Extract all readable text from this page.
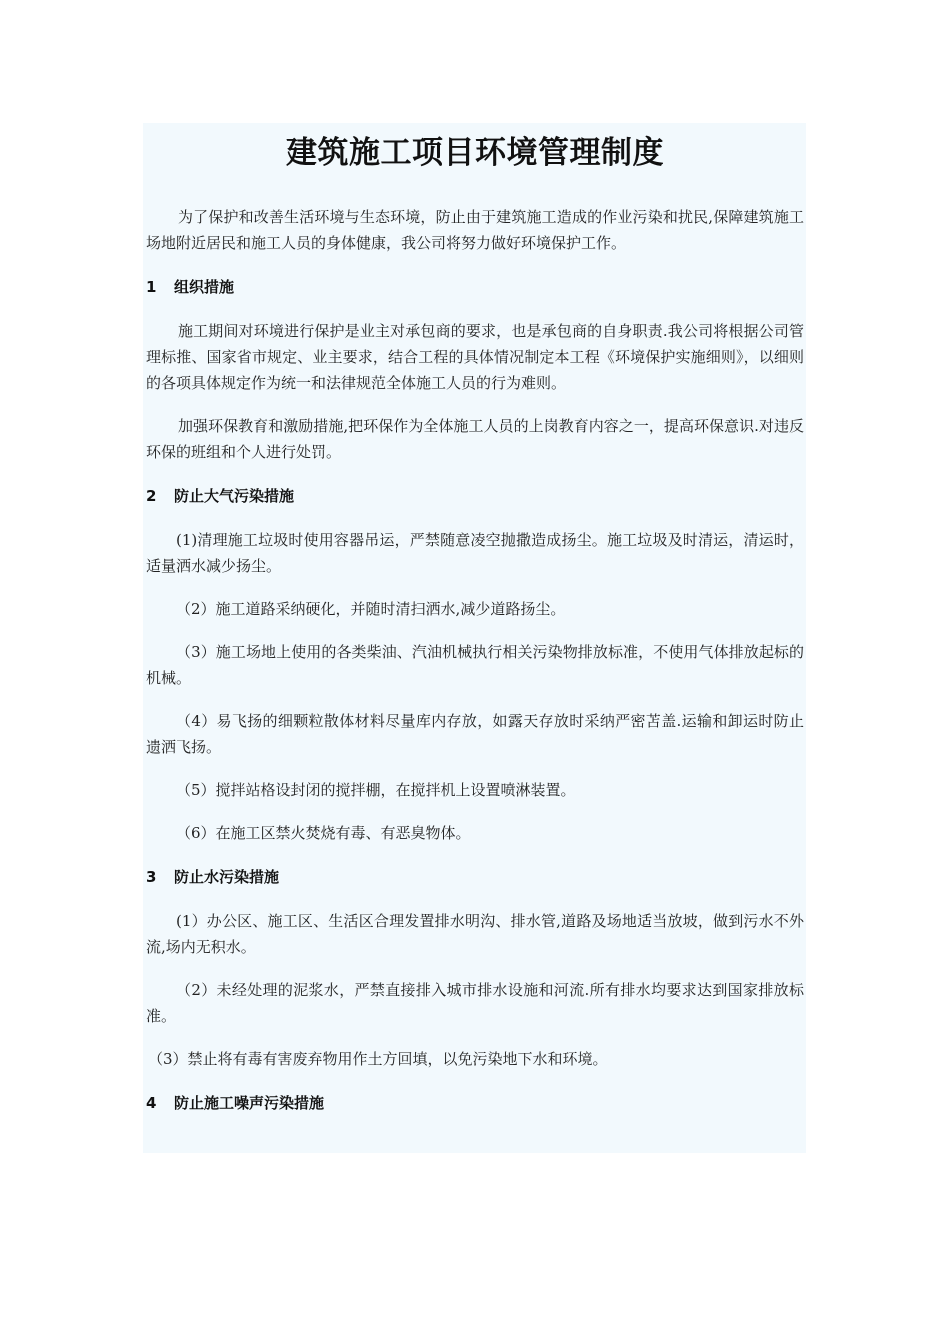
建筑施工项目环境管理制度

为了保护和改善生活环境与生态环境，防止由于建筑施工造成的作业污染和扰民,保障建筑施工场地附近居民和施工人员的身体健康，我公司将努力做好环境保护工作。

1 组织措施

施工期间对环境进行保护是业主对承包商的要求，也是承包商的自身职责.我公司将根据公司管理标推、国家省市规定、业主要求，结合工程的具体情况制定本工程《环境保护实施细则》，以细则的各项具体规定作为统一和法律规范全体施工人员的行为难则。

加强环保教育和激励措施,把环保作为全体施工人员的上岗教育内容之一，提高环保意识.对违反环保的班组和个人进行处罚。

2 防止大气污染措施

(1)清理施工垃圾时使用容器吊运，严禁随意凌空抛撒造成扬尘。施工垃圾及时清运，清运时，适量洒水减少扬尘。

（2）施工道路采纳硬化，并随时清扫洒水,减少道路扬尘。

（3）施工场地上使用的各类柴油、汽油机械执行相关污染物排放标准，不使用气体排放起标的机械。

（4）易飞扬的细颗粒散体材料尽量库内存放，如露天存放时采纳严密苫盖.运输和卸运时防止遗洒飞扬。

（5）搅拌站格设封闭的搅拌棚，在搅拌机上设置喷淋装置。

（6）在施工区禁火焚烧有毒、有恶臭物体。

3 防止水污染措施

(1）办公区、施工区、生活区合理发置排水明沟、排水管,道路及场地适当放坡，做到污水不外流,场内无积水。

（2）未经处理的泥浆水，严禁直接排入城市排水设施和河流.所有排水均要求达到国家排放标准。

（3）禁止将有毒有害废弃物用作土方回填，以免污染地下水和环境。

4 防止施工噪声污染措施
